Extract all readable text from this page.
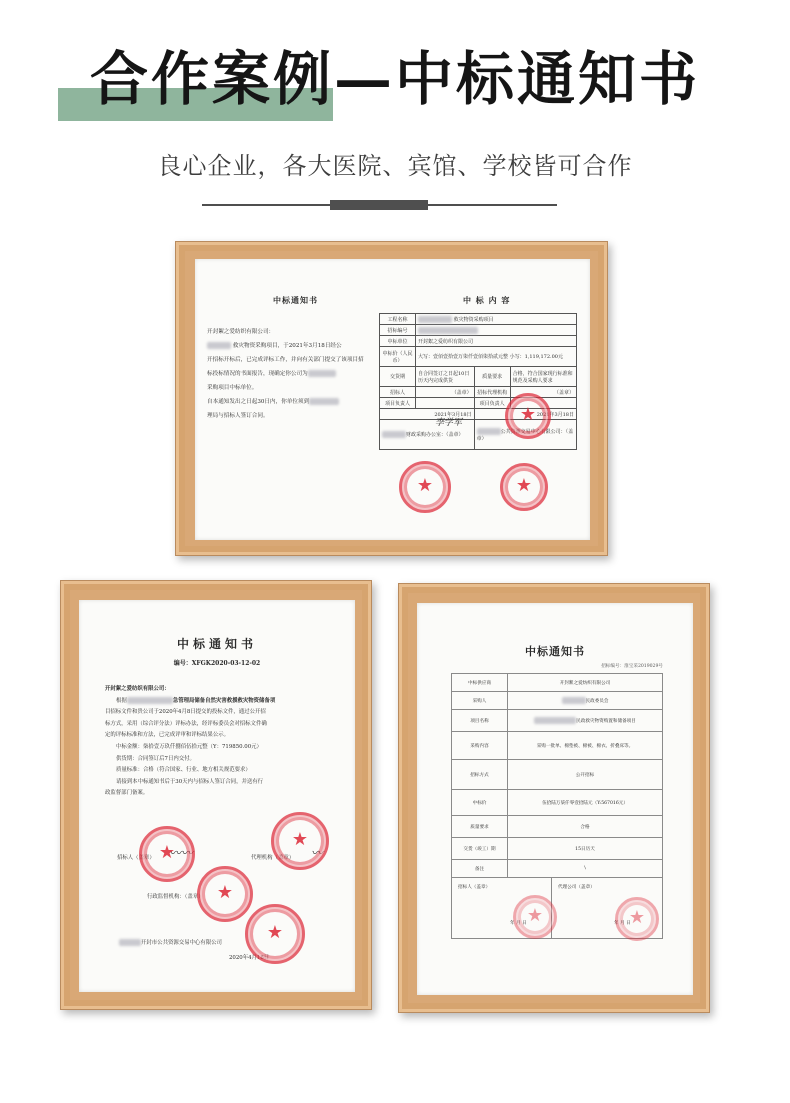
合作案例—中标通知书
良心企业，各大医院、宾馆、学校皆可合作
中标通知书	中 标 内 容

开封絮之爱纺织有限公司：

救灾物资采购项目，于2021年3月18日经公

开招标开标后，已完成评标工作，并向有关部门提交了该项目招

标投标情况的书面报告，现确定你公司为

采购项目中标单位。

自本通知发出之日起30日内，你单位须到

理局与招标人签订合同。

工程名称	救灾物资采购项目		
招标编号			
中标单位	开封絮之爱纺织有限公司		
中标价（人民币）	大写：壹佰壹拾壹万柒仟壹佰柒拾贰元整 小写：1,119,172.00元		
交货期	自合同签订之日起10日历天内完成供货	质量要求	合格，符合国家现行标准和规范及采购人要求
招标人	（盖章）	招标代理机构	（盖章）
项目负责人		项目负责人	
2021年3月18日		2021年3月18日	
财政采购办公室：（盖章）		公共资源交易中心有限公司：（盖章）	
李学军	★
★	★
中标通知书
编号：XFGK2020-03-12-02

开封絮之爱纺织有限公司：

根据	急管理局储备自然灾害救援救灾物资储备项

目招标文件和贵公司于2020年4月8日提交的投标文件，通过公开招

标方式，采用（综合评分法）评标办法，经评标委员会对招标文件确

定的评标标准和方法，已完成评审和评标结果公示。

中标金额：柒拾壹万玖仟捌佰伍拾元整（Y：719850.00元）

供货期：合同签订后7日内交付。

质量标准：合格（符合国家、行业、地方相关规范要求）

请接到本中标通知书后于30天内与招标人签订合同，并送有行

政监督部门备案。

招标人（盖章）	代理机构（盖章）
行政监督机构：（盖章）
开封市公共资源交易中心有限公司
2020年4月18日
〰〰	〰
★
★
★
★
中标通知书
招标编号：淮宝采2019029号
中标供应商	开封絮之爱纺织有限公司
采购人	民政委员会
项目名称	民政救灾物资购置和储备项目
采购内容	采购一批单、棉垫被、棉被、棉衣、折叠床等。
招标方式	公开招标
中标价	伍拾陆万柒仟零壹拾陆元（Y:567016元）
质量要求	合格
交货（竣工）期	15日历天
备注	\

招标人（盖章） 代理公司（盖章）
年 月 日 年 月 日	
★	★
